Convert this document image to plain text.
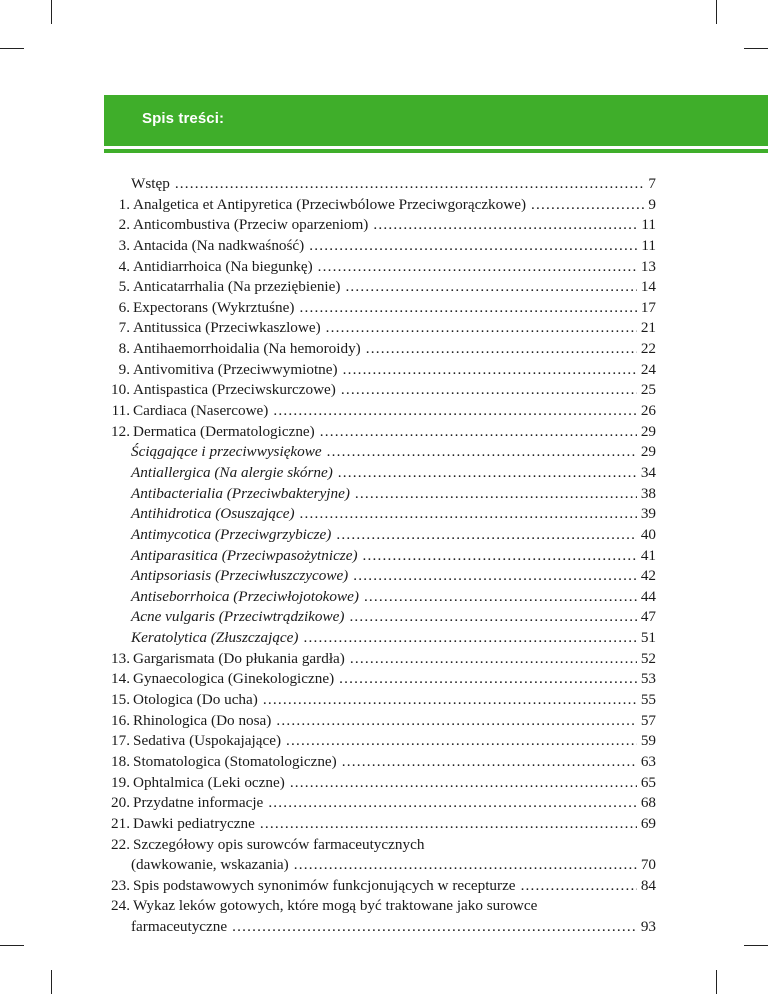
Spis treści:
Wstęp .....	7
1. Analgetica et Antipyretica (Przeciwbólowe Przeciwgorączkowe) .....	9
2. Anticombustiva (Przeciw oparzeniom) .....	11
3. Antacida (Na nadkwaśność) .....	11
4. Antidiarrhoica (Na biegunkę) .....	13
5. Anticatarrhalia (Na przeziębienie) .....	14
6. Expectorans (Wykrztuśne) .....	17
7. Antitussica (Przeciwkaszlowe) .....	21
8. Antihaemorrhoidalia (Na hemoroidy) .....	22
9. Antivomitiva (Przeciwwymiotne) .....	24
10. Antispastica (Przeciwskurczowe) .....	25
11. Cardiaca (Nasercowe) .....	26
12. Dermatica (Dermatologiczne) .....	29
Ściągające i przeciwwysiękowe .....	29
Antiallergica (Na alergie skórne) .....	34
Antibacterialia (Przeciwbakteryjne) .....	38
Antihidrotica (Osuszające) .....	39
Antimycotica (Przeciwgrzybicze) .....	40
Antiparasitica (Przeciwpasożytnicze) .....	41
Antipsoriasis (Przeciwłuszczycowe) .....	42
Antiseborrhoica (Przeciwłojotokowe) .....	44
Acne vulgaris (Przeciwtrądzikowe) .....	47
Keratolytica (Złuszczające) .....	51
13. Gargarismata (Do płukania gardła) .....	52
14. Gynaecologica (Ginekologiczne) .....	53
15. Otologica (Do ucha) .....	55
16. Rhinologica (Do nosa) .....	57
17. Sedativa (Uspokajające) .....	59
18. Stomatologica (Stomatologiczne) .....	63
19. Ophtalmica (Leki oczne) .....	65
20. Przydatne informacje .....	68
21. Dawki pediatryczne .....	69
22. Szczegółowy opis surowców farmaceutycznych
(dawkowanie, wskazania) .....	70
23. Spis podstawowych synonimów funkcjonujących w recepturze .....	84
24. Wykaz leków gotowych, które mogą być traktowane jako surowce
farmaceutyczne .....	93
